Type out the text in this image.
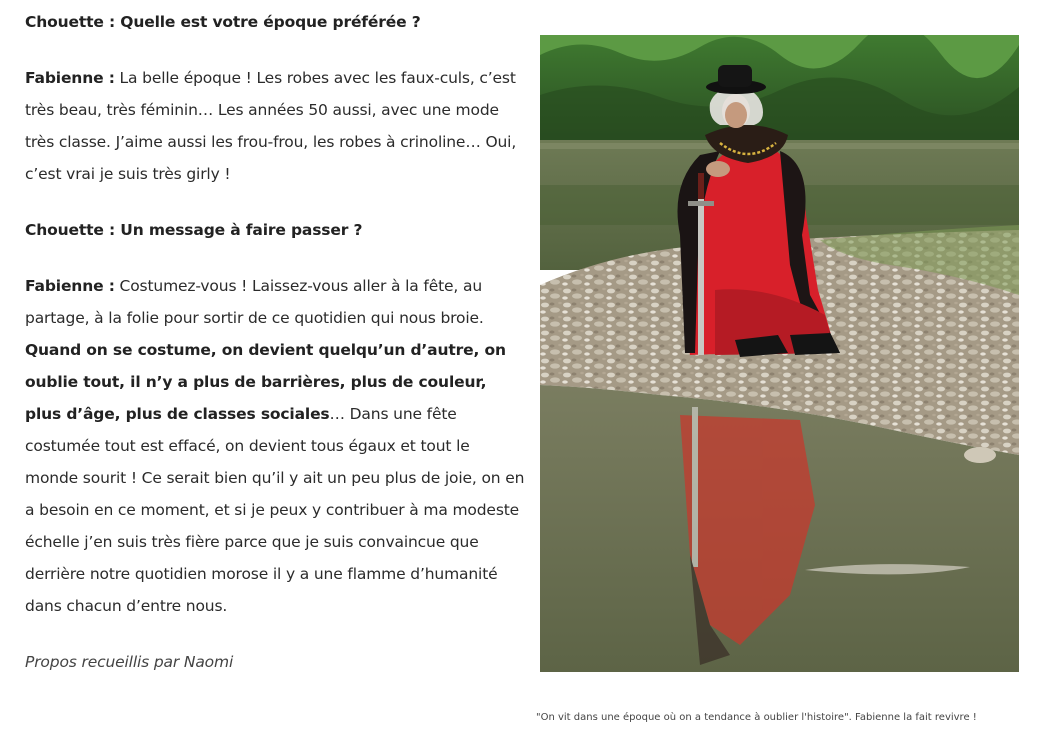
Chouette : Quelle est votre époque préférée ?

Fabienne : La belle époque ! Les robes avec les faux-culs, c’est très beau, très féminin… Les années 50 aussi, avec une mode très classe. J’aime aussi les frou-frou, les robes à crinoline… Oui, c’est vrai je suis très girly !

Chouette : Un message à faire passer ?

Fabienne : Costumez-vous ! Laissez-vous aller à la fête, au partage, à la folie pour sortir de ce quotidien qui nous broie. Quand on se costume, on devient quelqu’un d’autre, on oublie tout, il n’y a plus de barrières, plus de couleur, plus d’âge, plus de classes sociales… Dans une fête costumée tout est effacé, on devient tous égaux et tout le monde sourit ! Ce serait bien qu’il y ait un peu plus de joie, on en a besoin en ce moment, et si je peux y contribuer à ma modeste échelle j’en suis très fière parce que je suis convaincue que derrière notre quotidien morose il y a une flamme d’humanité dans chacun d’entre nous.

Propos recueillis par Naomi

"On vit dans une époque où on a tendance à oublier l'histoire". Fabienne la fait revivre !
